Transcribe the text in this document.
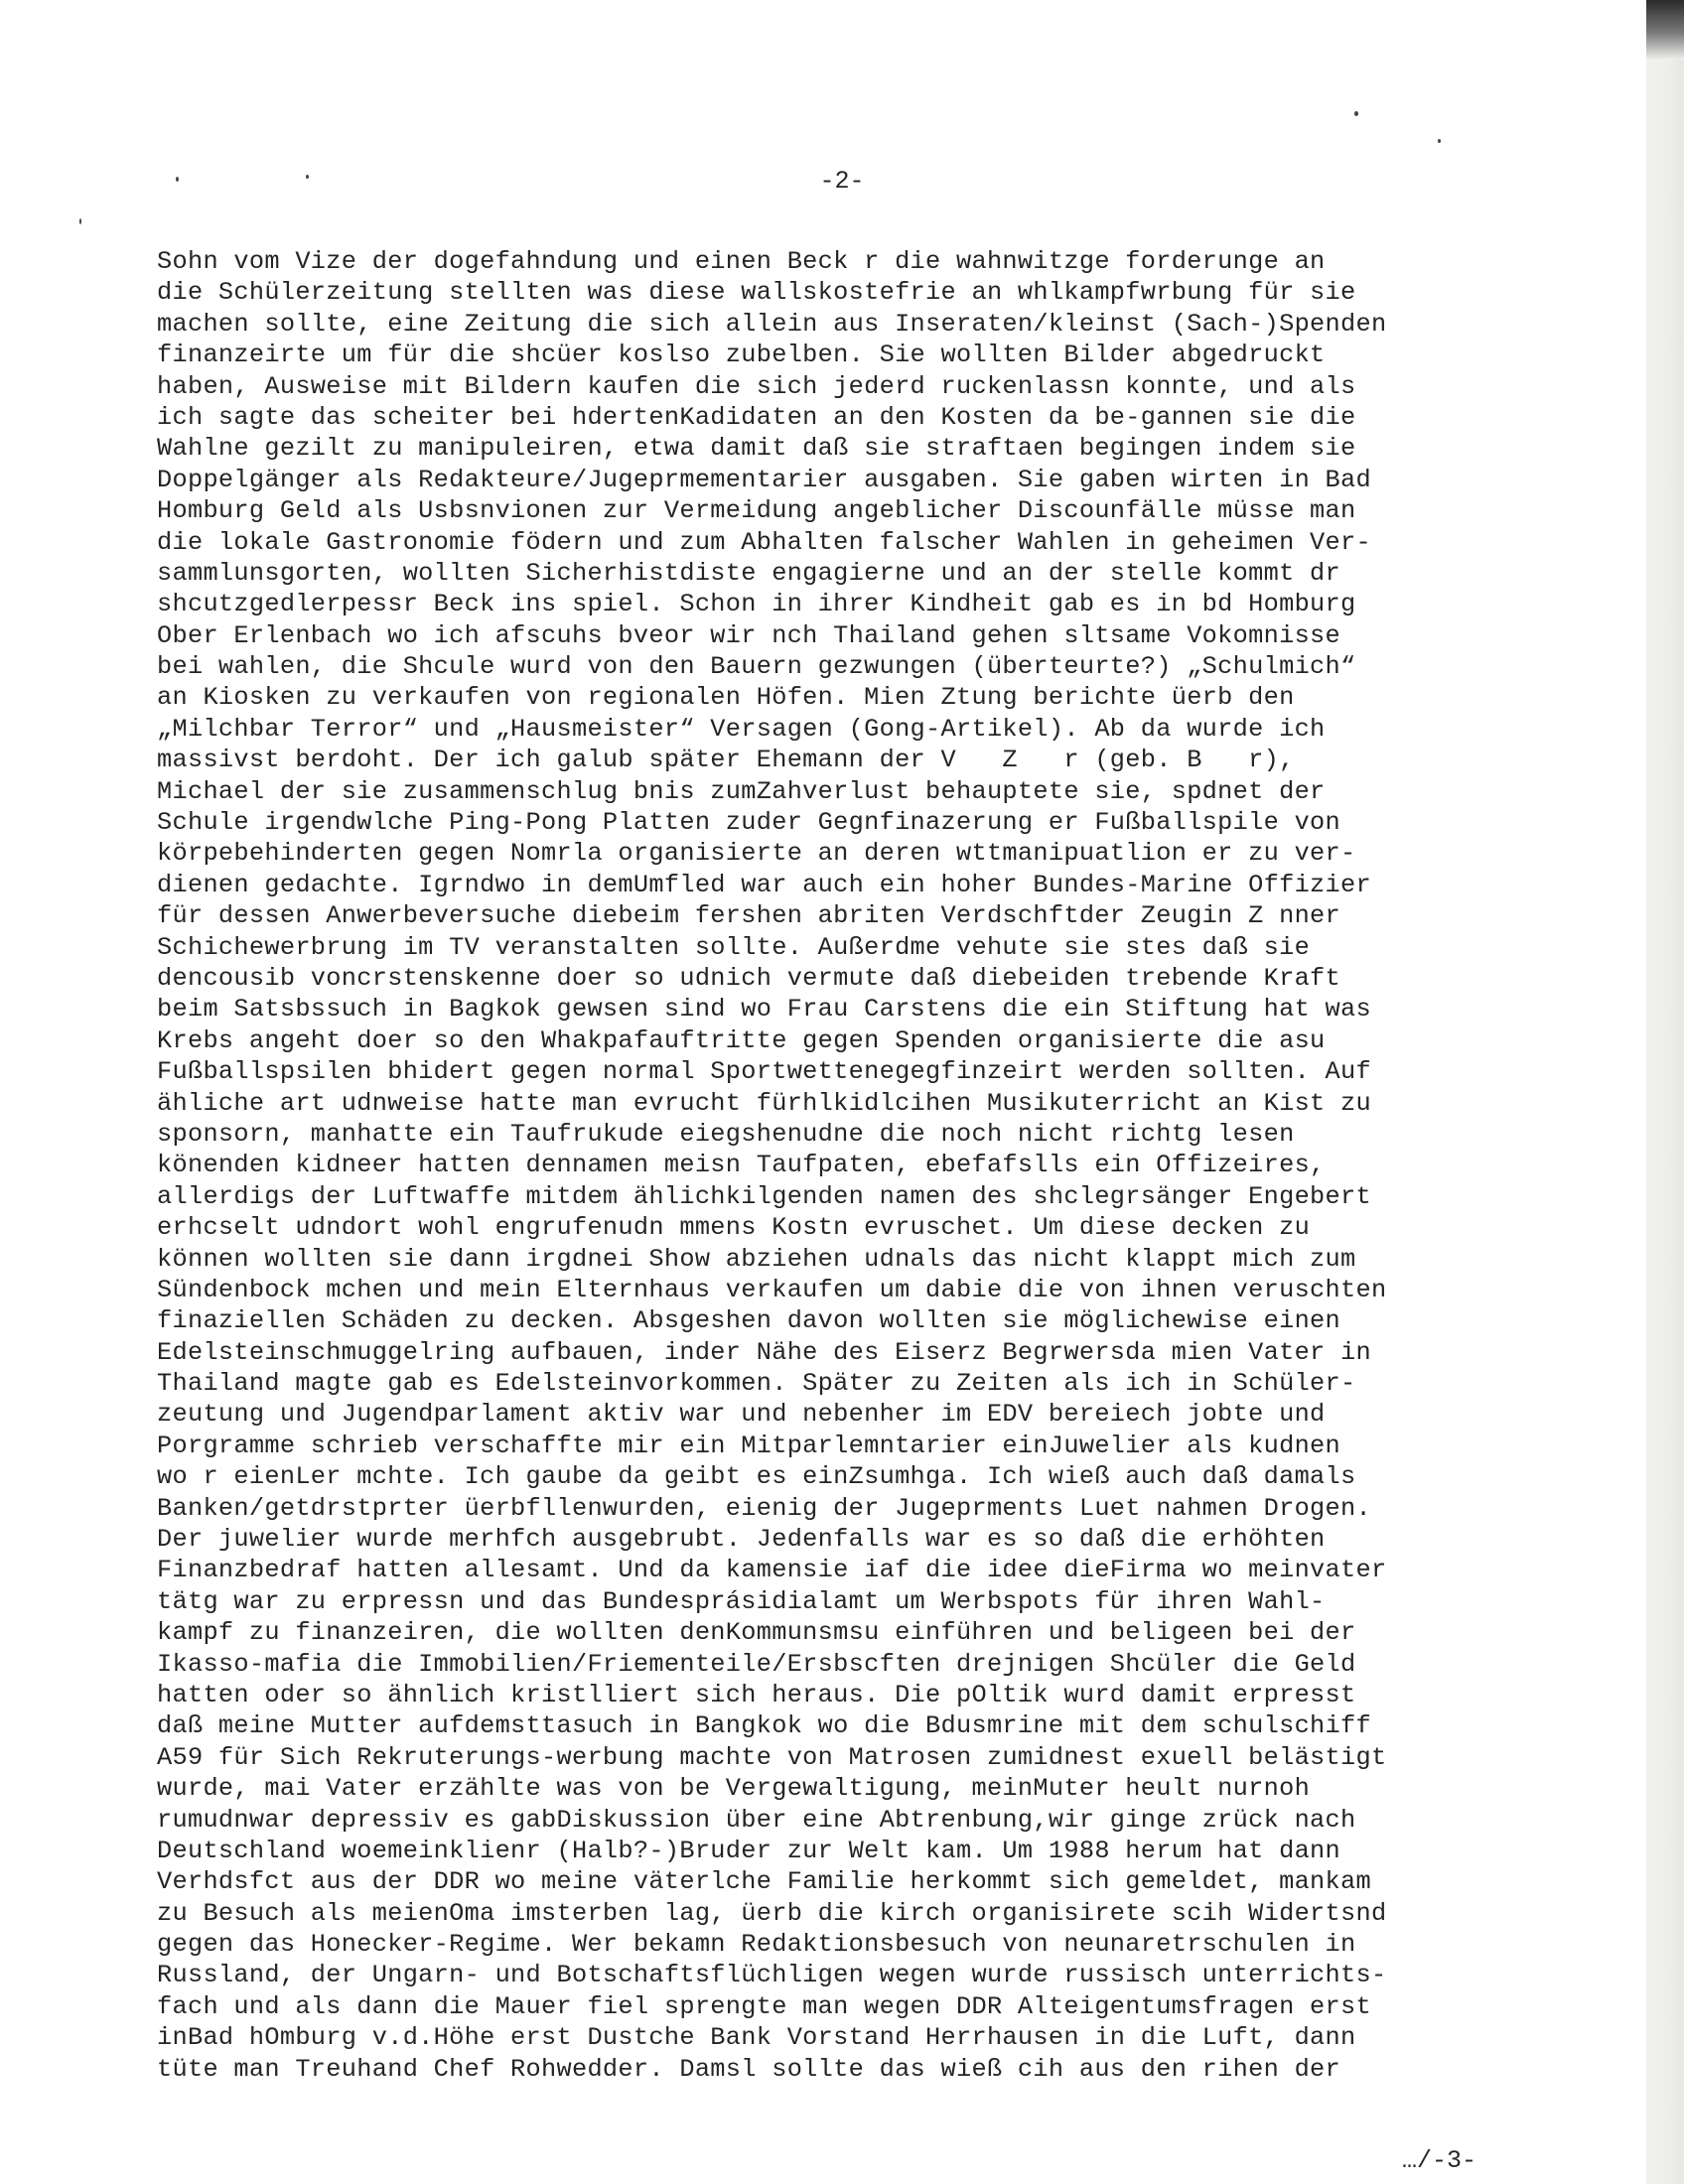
-2-

Sohn vom Vize der dogefahndung und einen Beck r die wahnwitzge forderunge an
die Schülerzeitung stellten was diese wallskostefrie an whlkampfwrbung für sie
machen sollte, eine Zeitung die sich allein aus Inseraten/kleinst (Sach-)Spenden
finanzeirte um für die shcüer koslso zubelben. Sie wollten Bilder abgedruckt
haben, Ausweise mit Bildern kaufen die sich jederd ruckenlassn konnte, und als
ich sagte das scheiter bei hdertenKadidaten an den Kosten da be-gannen sie die
Wahlne gezilt zu manipuleiren, etwa damit daß sie straftaen begingen indem sie
Doppelgänger als Redakteure/Jugeprmementarier ausgaben. Sie gaben wirten in Bad
Homburg Geld als Usbsnvionen zur Vermeidung angeblicher Discounfälle müsse man
die lokale Gastronomie födern und zum Abhalten falscher Wahlen in geheimen Ver-
sammlunsgorten, wollten Sicherhistdiste engagierne und an der stelle kommt dr
shcutzgedlerpessr Beck ins spiel. Schon in ihrer Kindheit gab es in bd Homburg
Ober Erlenbach wo ich afscuhs bveor wir nch Thailand gehen sltsame Vokomnisse
bei wahlen, die Shcule wurd von den Bauern gezwungen (überteurte?) „Schulmich“
an Kiosken zu verkaufen von regionalen Höfen. Mien Ztung berichte üerb den
„Milchbar Terror“ und „Hausmeister“ Versagen (Gong-Artikel). Ab da wurde ich
massivst berdoht. Der ich galub später Ehemann der V   Z   r (geb. B   r),
Michael der sie zusammenschlug bnis zumZahverlust behauptete sie, spdnet der
Schule irgendwlche Ping-Pong Platten zuder Gegnfinazerung er Fußballspile von
körpebehinderten gegen Nomrla organisierte an deren wttmanipuatlion er zu ver-
dienen gedachte. Igrndwo in demUmfled war auch ein hoher Bundes-Marine Offizier
für dessen Anwerbeversuche diebeim fershen abriten Verdschftder Zeugin Z nner
Schichewerbrung im TV veranstalten sollte. Außerdme vehute sie stes daß sie
dencousib voncrstenskenne doer so udnich vermute daß diebeiden trebende Kraft
beim Satsbssuch in Bagkok gewsen sind wo Frau Carstens die ein Stiftung hat was
Krebs angeht doer so den Whakpafauftritte gegen Spenden organisierte die asu
Fußballspsilen bhidert gegen normal Sportwettenegegfinzeirt werden sollten. Auf
ähliche art udnweise hatte man evrucht fürhlkidlcihen Musikuterricht an Kist zu
sponsorn, manhatte ein Taufrukude eiegshenudne die noch nicht richtg lesen
könenden kidneer hatten dennamen meisn Taufpaten, ebefafslls ein Offizeires,
allerdigs der Luftwaffe mitdem ählichkilgenden namen des shclegrsänger Engebert
erhcselt udndort wohl engrufenudn mmens Kostn evruschet. Um diese decken zu
können wollten sie dann irgdnei Show abziehen udnals das nicht klappt mich zum
Sündenbock mchen und mein Elternhaus verkaufen um dabie die von ihnen veruschten
finaziellen Schäden zu decken. Absgeshen davon wollten sie möglichewise einen
Edelsteinschmuggelring aufbauen, inder Nähe des Eiserz Begrwersda mien Vater in
Thailand magte gab es Edelsteinvorkommen. Später zu Zeiten als ich in Schüler-
zeutung und Jugendparlament aktiv war und nebenher im EDV bereiech jobte und
Porgramme schrieb verschaffte mir ein Mitparlemntarier einJuwelier als kudnen
wo r eienLer mchte. Ich gaube da geibt es einZsumhga. Ich wieß auch daß damals
Banken/getdrstprter üerbfllenwurden, eienig der Jugeprments Luet nahmen Drogen.
Der juwelier wurde merhfch ausgebrubt. Jedenfalls war es so daß die erhöhten
Finanzbedraf hatten allesamt. Und da kamensie iaf die idee dieFirma wo meinvater
tätg war zu erpressn und das Bundesprásidialamt um Werbspots für ihren Wahl-
kampf zu finanzeiren, die wollten denKommunsmsu einführen und beligeen bei der
Ikasso-mafia die Immobilien/Friementeile/Ersbscften drejnigen Shcüler die Geld
hatten oder so ähnlich kristlliert sich heraus. Die pOltik wurd damit erpresst
daß meine Mutter aufdemsttasuch in Bangkok wo die Bdusmrine mit dem schulschiff
A59 für Sich Rekruterungs-werbung machte von Matrosen zumidnest exuell belästigt
wurde, mai Vater erzählte was von be Vergewaltigung, meinMuter heult nurnoh
rumudnwar depressiv es gabDiskussion über eine Abtrenbung,wir ginge zrück nach
Deutschland woemeinklienr (Halb?-)Bruder zur Welt kam. Um 1988 herum hat dann
Verhdsfct aus der DDR wo meine väterlche Familie herkommt sich gemeldet, mankam
zu Besuch als meienOma imsterben lag, üerb die kirch organisirete scih Widertsnd
gegen das Honecker-Regime. Wer bekamn Redaktionsbesuch von neunaretrschulen in
Russland, der Ungarn- und Botschaftsflüchligen wegen wurde russisch unterrichts-
fach und als dann die Mauer fiel sprengte man wegen DDR Alteigentumsfragen erst
inBad hOmburg v.d.Höhe erst Dustche Bank Vorstand Herrhausen in die Luft, dann
tüte man Treuhand Chef Rohwedder. Damsl sollte das wieß cih aus den rihen der

…/-3-
